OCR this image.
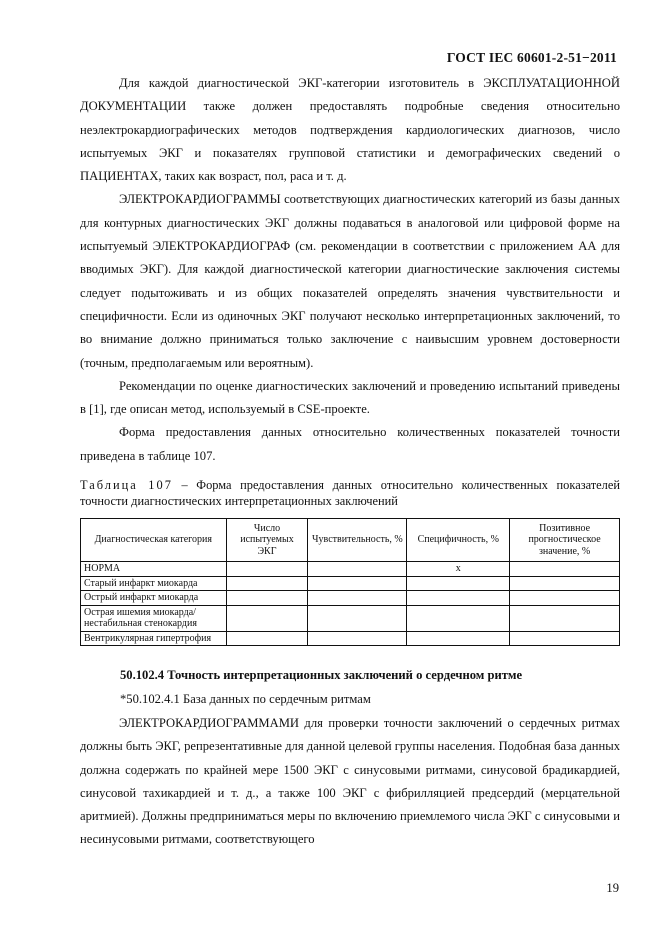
ГОСТ IEC 60601-2-51−2011

Для каждой диагностической ЭКГ-категории изготовитель в ЭКСПЛУАТАЦИОННОЙ ДОКУМЕНТАЦИИ также должен предоставлять подробные сведения относительно неэлектрокардиографических методов подтверждения кардиологических диагнозов, число испытуемых ЭКГ и показателях групповой статистики и демографических сведений о ПАЦИЕНТАХ, таких как возраст, пол, раса и т. д.

ЭЛЕКТРОКАРДИОГРАММЫ соответствующих диагностических категорий из базы данных для контурных диагностических ЭКГ должны подаваться в аналоговой или цифровой форме на испытуемый ЭЛЕКТРОКАРДИОГРАФ (см. рекомендации в соответствии с приложением АА для вводимых ЭКГ). Для каждой диагностической категории диагностические заключения системы следует подытоживать и из общих показателей определять значения чувствительности и специфичности. Если из одиночных ЭКГ получают несколько интерпретационных заключений, то во внимание должно приниматься только заключение с наивысшим уровнем достоверности (точным, предполагаемым или вероятным).

Рекомендации по оценке диагностических заключений и проведению испытаний приведены в [1], где описан метод, используемый в CSE-проекте.

Форма предоставления данных относительно количественных показателей точности приведена в таблице 107.

Таблица 107 – Форма предоставления данных относительно количественных показателей точности диагностических интерпретационных заключений
Диагностическая категория	Число испытуемых ЭКГ	Чувствительность, %	Специфичность, %	Позитивное прогностическое значение, %
НОРМА			х	
Старый инфаркт миокарда				
Острый инфаркт миокарда				
Острая ишемия миокарда/ нестабильная стенокардия				
Вентрикулярная гипертрофия				
50.102.4 Точность интерпретационных заключений о сердечном ритме
*50.102.4.1 База данных по сердечным ритмам

ЭЛЕКТРОКАРДИОГРАММАМИ для проверки точности заключений о сердечных ритмах должны быть ЭКГ, репрезентативные для данной целевой группы населения. Подобная база данных должна содержать по крайней мере 1500 ЭКГ с синусовыми ритмами, синусовой брадикардией, синусовой тахикардией и т. д., а также 100 ЭКГ с фибрилляцией предсердий (мерцательной аритмией). Должны предприниматься меры по включению приемлемого числа ЭКГ с синусовыми и несинусовыми ритмами, соответствующего

19
